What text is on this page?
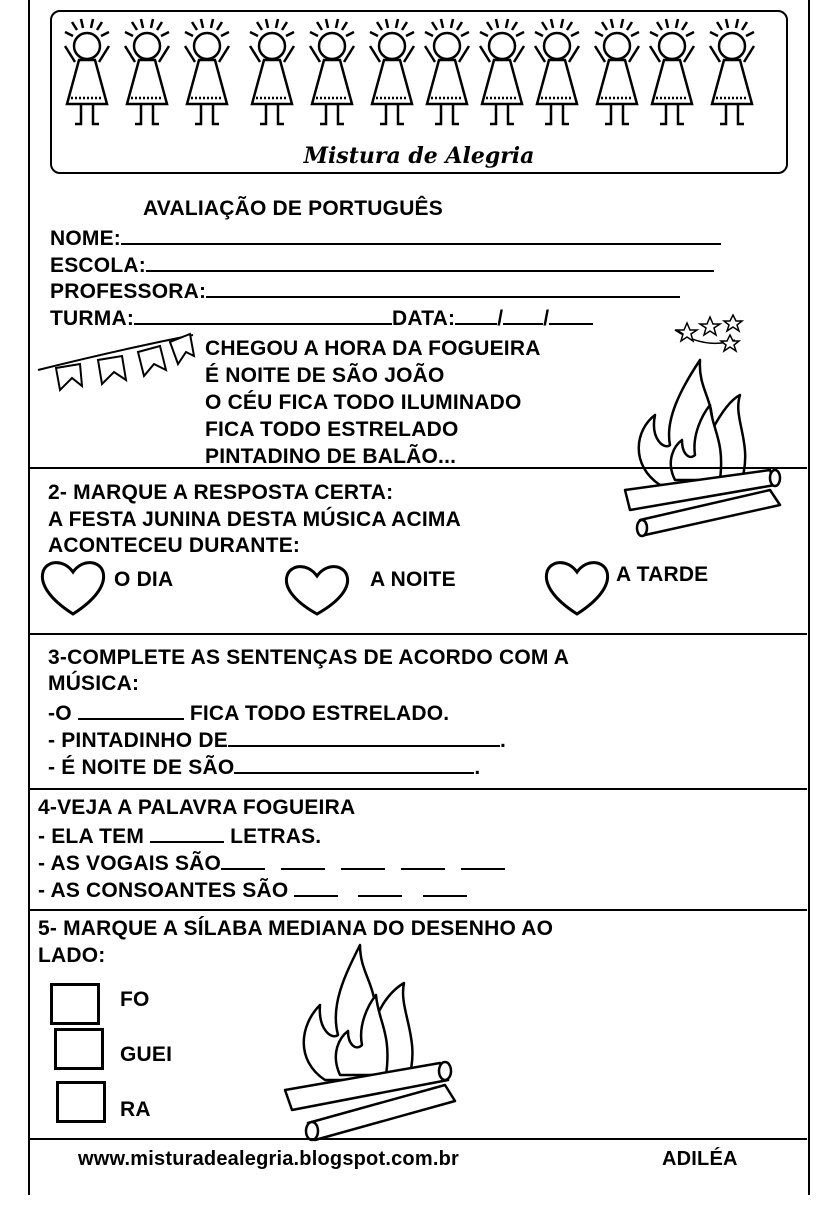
Mistura de Alegria
AVALIAÇÃO DE PORTUGUÊS
NOME:
ESCOLA:
PROFESSORA:
TURMA:	DATA: / /
CHEGOU A HORA DA FOGUEIRA
É NOITE DE SÃO JOÃO
O CÉU FICA TODO ILUMINADO
FICA TODO ESTRELADO
PINTADINO DE BALÃO...
2- MARQUE A RESPOSTA CERTA:
A FESTA JUNINA DESTA MÚSICA ACIMA
ACONTECEU DURANTE:
O DIA	A NOITE	A TARDE
3-COMPLETE AS SENTENÇAS DE ACORDO COM A
MÚSICA:
-O	FICA TODO ESTRELADO.
- PINTADINHO DE	.
- É NOITE DE SÃO	.
4-VEJA A PALAVRA FOGUEIRA
- ELA TEM	LETRAS.
- AS VOGAIS SÃO
- AS CONSOANTES SÃO
5- MARQUE A SÍLABA MEDIANA DO DESENHO AO
LADO:
FO
GUEI
RA
www.misturadealegria.blogspot.com.br	ADILÉA
